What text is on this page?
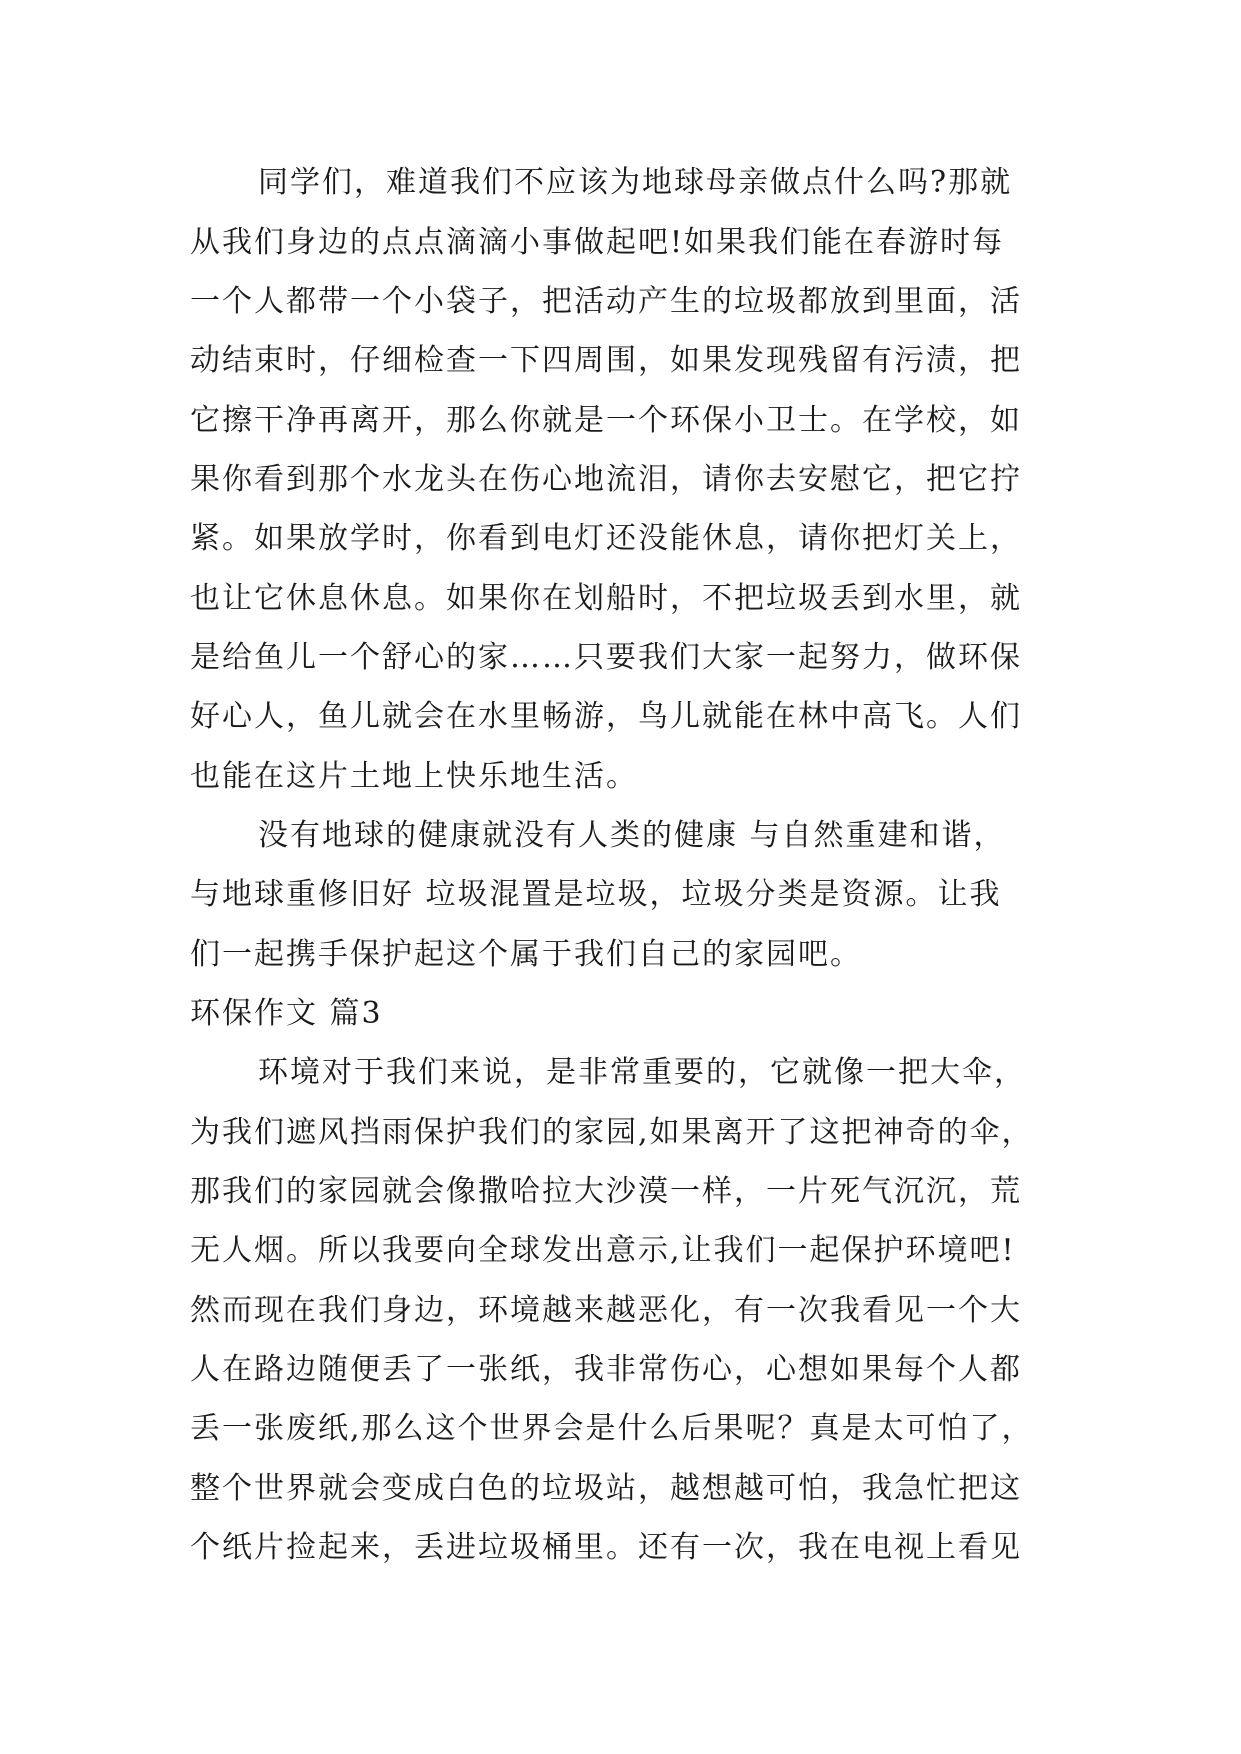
同学们，难道我们不应该为地球母亲做点什么吗?那就
从我们身边的点点滴滴小事做起吧!如果我们能在春游时每
一个人都带一个小袋子，把活动产生的垃圾都放到里面，活
动结束时，仔细检查一下四周围，如果发现残留有污渍，把
它擦干净再离开，那么你就是一个环保小卫士。在学校，如
果你看到那个水龙头在伤心地流泪，请你去安慰它，把它拧
紧。如果放学时，你看到电灯还没能休息，请你把灯关上，
也让它休息休息。如果你在划船时，不把垃圾丢到水里，就
是给鱼儿一个舒心的家……只要我们大家一起努力，做环保
好心人，鱼儿就会在水里畅游，鸟儿就能在林中高飞。人们
也能在这片土地上快乐地生活。
没有地球的健康就没有人类的健康 与自然重建和谐，
与地球重修旧好 垃圾混置是垃圾，垃圾分类是资源。让我
们一起携手保护起这个属于我们自己的家园吧。
环保作文 篇3
环境对于我们来说，是非常重要的，它就像一把大伞，
为我们遮风挡雨保护我们的家园,如果离开了这把神奇的伞，
那我们的家园就会像撒哈拉大沙漠一样，一片死气沉沉，荒
无人烟。所以我要向全球发出意示,让我们一起保护环境吧!
然而现在我们身边，环境越来越恶化，有一次我看见一个大
人在路边随便丢了一张纸，我非常伤心，心想如果每个人都
丢一张废纸,那么这个世界会是什么后果呢？真是太可怕了，
整个世界就会变成白色的垃圾站，越想越可怕，我急忙把这
个纸片捡起来，丢进垃圾桶里。还有一次，我在电视上看见
